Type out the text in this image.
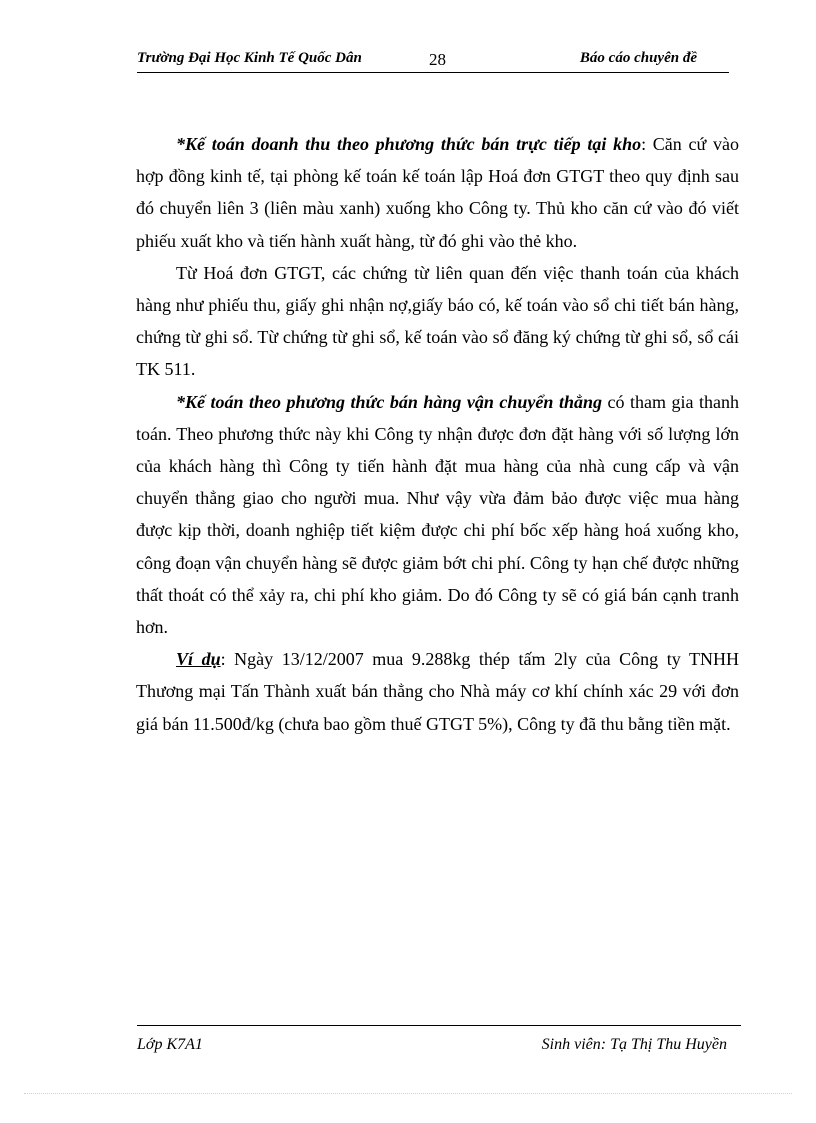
Trường Đại Học Kinh Tế Quốc Dân	28	Báo cáo chuyên đề

*Kế toán doanh thu theo phương thức bán trực tiếp tại kho: Căn cứ vào hợp đồng kinh tế, tại phòng kế toán kế toán lập Hoá đơn GTGT theo quy định sau đó chuyển liên 3 (liên màu xanh) xuống kho Công ty. Thủ kho căn cứ vào đó viết phiếu xuất kho và tiến hành xuất hàng, từ đó ghi vào thẻ kho.

Từ Hoá đơn GTGT, các chứng từ liên quan đến việc thanh toán của khách hàng như phiếu thu, giấy ghi nhận nợ,giấy báo có, kế toán vào sổ chi tiết bán hàng, chứng từ ghi sổ. Từ chứng từ ghi sổ, kế toán vào sổ đăng ký chứng từ ghi sổ, sổ cái TK 511.

*Kế toán theo phương thức bán hàng vận chuyển thẳng có tham gia thanh toán. Theo phương thức này khi Công ty nhận được đơn đặt hàng với số lượng lớn của khách hàng thì Công ty tiến hành đặt mua hàng của nhà cung cấp và vận chuyển thẳng giao cho người mua. Như vậy vừa đảm bảo được việc mua hàng được kịp thời, doanh nghiệp tiết kiệm được chi phí bốc xếp hàng hoá xuống kho, công đoạn vận chuyển hàng sẽ được giảm bớt chi phí. Công ty hạn chế được những thất thoát có thể xảy ra, chi phí kho giảm. Do đó Công ty sẽ có giá bán cạnh tranh hơn.

Ví dụ: Ngày 13/12/2007 mua 9.288kg thép tấm 2ly của Công ty TNHH Thương mại Tấn Thành xuất bán thẳng cho Nhà máy cơ khí chính xác 29 với đơn giá bán 11.500đ/kg (chưa bao gồm thuế GTGT 5%), Công ty đã thu bằng tiền mặt.

Lớp K7A1	Sinh viên: Tạ Thị Thu Huyền
